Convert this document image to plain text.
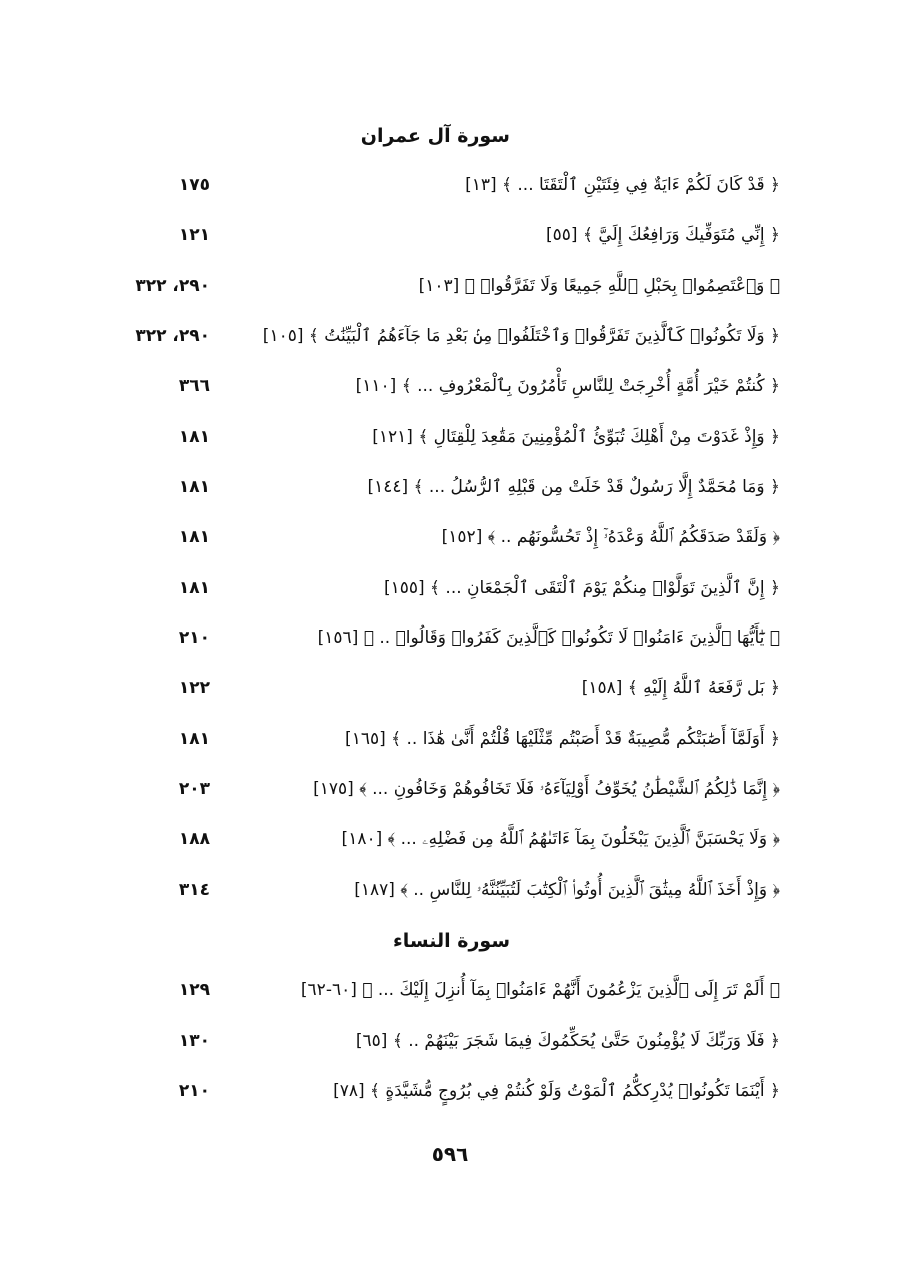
سورة آل عمران
﴿ قَدْ كَانَ لَكُمْ ءَايَةٌ فِي فِئَتَيْنِ ٱلْتَقَتَا ... ﴾ [١٣]
١٧٥
﴿ إِنِّي مُتَوَفِّيكَ وَرَافِعُكَ إِلَيَّ ﴾ [٥٥]
١٢١
﴿ وَٱعْتَصِمُوا۟ بِحَبْلِ ٱللَّهِ جَمِيعًا وَلَا تَفَرَّقُوا۟ ﴾ [١٠٣]
٢٩٠، ٣٢٢
﴿ وَلَا تَكُونُوا۟ كَٱلَّذِينَ تَفَرَّقُوا۟ وَٱخْتَلَفُوا۟ مِنۢ بَعْدِ مَا جَآءَهُمُ ٱلْبَيِّنَٰتُ ﴾ [١٠٥]
٢٩٠، ٣٢٢
﴿ كُنتُمْ خَيْرَ أُمَّةٍ أُخْرِجَتْ لِلنَّاسِ تَأْمُرُونَ بِٱلْمَعْرُوفِ ... ﴾ [١١٠]
٣٦٦
﴿ وَإِذْ غَدَوْتَ مِنْ أَهْلِكَ تُبَوِّئُ ٱلْمُؤْمِنِينَ مَقَٰعِدَ لِلْقِتَالِ ﴾ [١٢١]
١٨١
﴿ وَمَا مُحَمَّدٌ إِلَّا رَسُولٌ قَدْ خَلَتْ مِن قَبْلِهِ ٱلرُّسُلُ ... ﴾ [١٤٤]
١٨١
﴿ وَلَقَدْ صَدَقَكُمُ ٱللَّهُ وَعْدَهُۥٓ إِذْ تَحُسُّونَهُم .. ﴾ [١٥٢]
١٨١
﴿ إِنَّ ٱلَّذِينَ تَوَلَّوْا۟ مِنكُمْ يَوْمَ ٱلْتَقَى ٱلْجَمْعَانِ ... ﴾ [١٥٥]
١٨١
﴿ يَٰٓأَيُّهَا ٱلَّذِينَ ءَامَنُوا۟ لَا تَكُونُوا۟ كَٱلَّذِينَ كَفَرُوا۟ وَقَالُوا۟ .. ﴾ [١٥٦]
٢١٠
﴿ بَل رَّفَعَهُ ٱللَّهُ إِلَيْهِ ﴾ [١٥٨]
١٢٢
﴿ أَوَلَمَّآ أَصَٰبَتْكُم مُّصِيبَةٌ قَدْ أَصَبْتُم مِّثْلَيْهَا قُلْتُمْ أَنَّىٰ هَٰذَا .. ﴾ [١٦٥]
١٨١
﴿ إِنَّمَا ذَٰلِكُمُ ٱلشَّيْطَٰنُ يُخَوِّفُ أَوْلِيَآءَهُۥ فَلَا تَخَافُوهُمْ وَخَافُونِ ... ﴾ [١٧٥]
٢٠٣
﴿ وَلَا يَحْسَبَنَّ ٱلَّذِينَ يَبْخَلُونَ بِمَآ ءَاتَىٰهُمُ ٱللَّهُ مِن فَضْلِهِۦ ... ﴾ [١٨٠]
١٨٨
﴿ وَإِذْ أَخَذَ ٱللَّهُ مِيثَٰقَ ٱلَّذِينَ أُوتُوا۟ ٱلْكِتَٰبَ لَتُبَيِّنُنَّهُۥ لِلنَّاسِ .. ﴾ [١٨٧]
٣١٤
سورة النساء
﴿ أَلَمْ تَرَ إِلَى ٱلَّذِينَ يَزْعُمُونَ أَنَّهُمْ ءَامَنُوا۟ بِمَآ أُنزِلَ إِلَيْكَ ... ﴾ [٦٠-٦٢]
١٢٩
﴿ فَلَا وَرَبِّكَ لَا يُؤْمِنُونَ حَتَّىٰ يُحَكِّمُوكَ فِيمَا شَجَرَ بَيْنَهُمْ .. ﴾ [٦٥]
١٣٠
﴿ أَيْنَمَا تَكُونُوا۟ يُدْرِككُّمُ ٱلْمَوْتُ وَلَوْ كُنتُمْ فِي بُرُوجٍ مُّشَيَّدَةٍ ﴾ [٧٨]
٢١٠
٥٩٦
